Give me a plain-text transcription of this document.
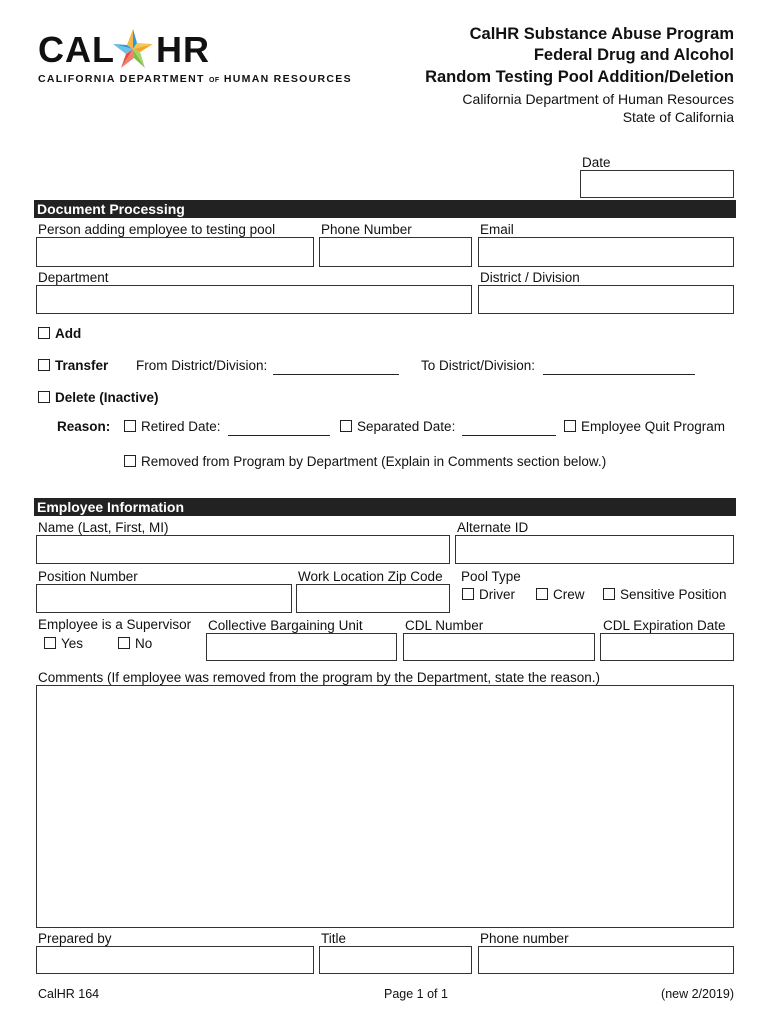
CAL HR
CALIFORNIA DEPARTMENT OF HUMAN RESOURCES
CalHR Substance Abuse Program
Federal Drug and Alcohol
Random Testing Pool Addition/Deletion
California Department of Human Resources
State of California
Date
Document Processing
Person adding employee to testing pool	Phone Number	Email
Department	District / Division
Add
Transfer From District/Division:	To District/Division:
Delete (Inactive)
Reason:	Retired Date:	Separated Date:	Employee Quit Program
Removed from Program by Department (Explain in Comments section below.)
Employee Information
Name (Last, First, MI)	Alternate ID
Position Number	Work Location Zip Code Pool Type
Driver	Crew	Sensitive Position
Employee is a Supervisor
Yes	No
Collective Bargaining Unit	CDL Number	CDL Expiration Date
Comments (If employee was removed from the program by the Department, state the reason.)
Prepared by	Title	Phone number
CalHR 164	Page 1 of 1	(new 2/2019)
